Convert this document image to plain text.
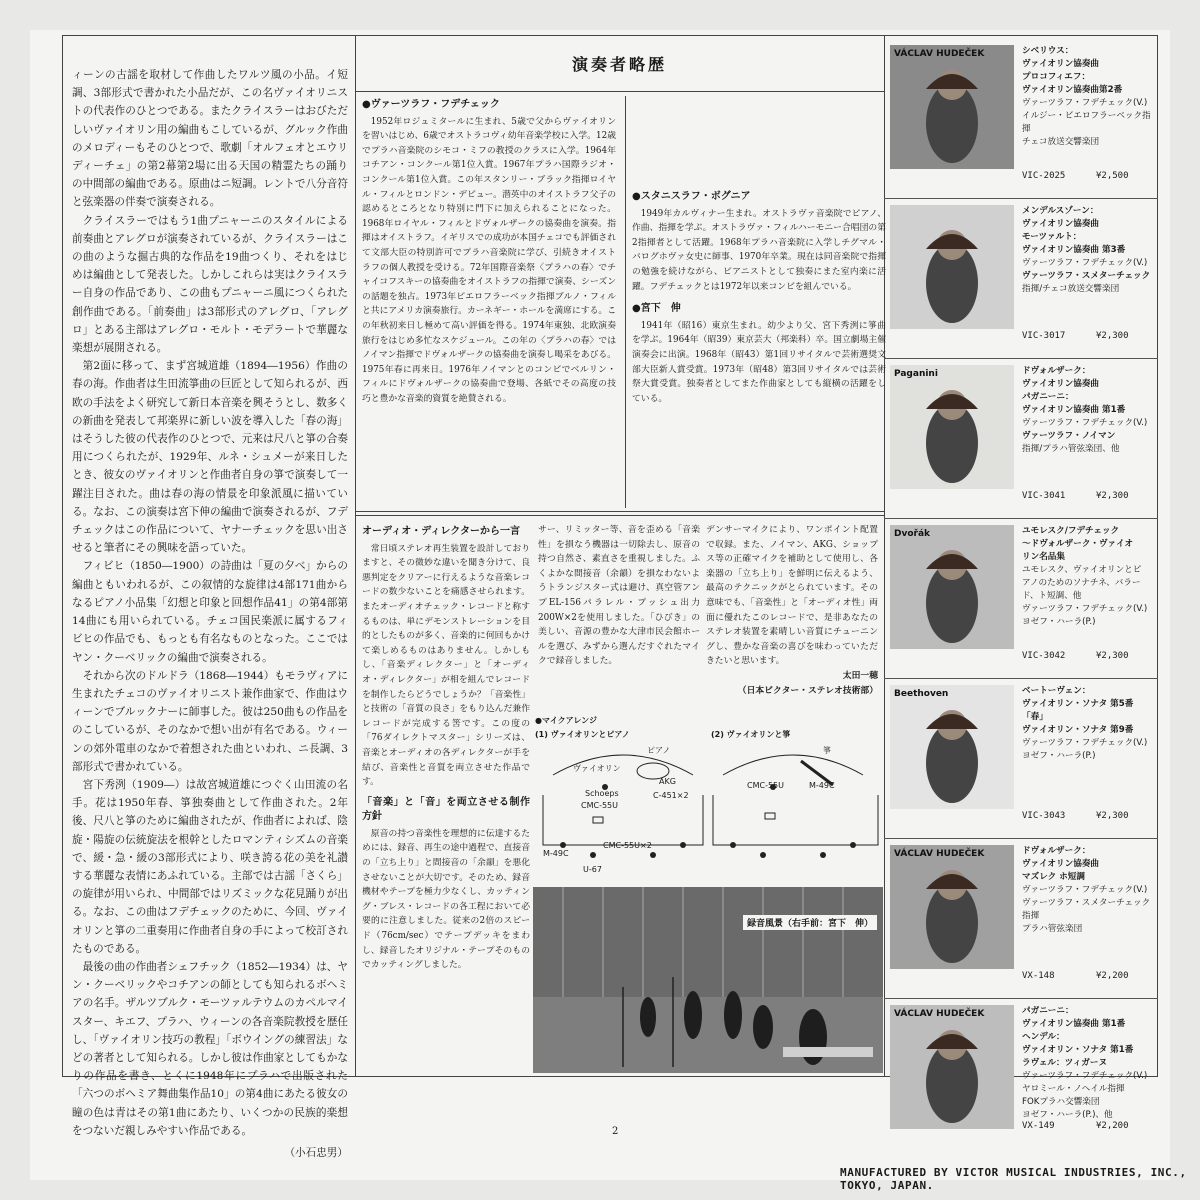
ィーンの古謡を取材して作曲したワルツ風の小品。イ短調、3部形式で書かれた小品だが、この名ヴァイオリニストの代表作のひとつである。またクライスラーはおびただしいヴァイオリン用の編曲もこしているが、グルック作曲のメロディーもそのひとつで、歌劇「オルフェオとエウリディーチェ」の第2幕第2場に出る天国の精霊たちの踊りの中間部の編曲である。原曲はニ短調。レントで八分音符と弦楽器の伴奏で演奏される。

クライスラーではもう1曲プニャーニのスタイルによる前奏曲とアレグロが演奏されているが、クライスラーはこの曲のような掘古典的な作品を19曲つくり、それをはじめは編曲として発表した。しかしこれらは実はクライスラー自身の作品であり、この曲もプニャーニ風につくられた創作曲である。「前奏曲」は3部形式のアレグロ、「アレグロ」とある主部はアレグロ・モルト・モデラートで華麗な楽想が展開される。

第2面に移って、まず宮城道雄（1894―1956）作曲の春の海。作曲者は生田流箏曲の巨匠として知られるが、西欧の手法をよく研究して新日本音楽を興そうとし、数多くの新曲を発表して邦楽界に新しい波を導入した「春の海」はそうした彼の代表作のひとつで、元来は尺八と箏の合奏用につくられたが、1929年、ルネ・シュメーが来日したとき、彼女のヴァイオリンと作曲者自身の箏で演奏して一躍注目された。曲は春の海の情景を印象派風に描いている。なお、この演奏は宮下伸の編曲で演奏されるが、フデチェックはこの作品について、ヤナーチェックを思い出させると筆者にその興味を語っていた。

フィビヒ（1850―1900）の詩曲は「夏の夕べ」からの編曲ともいわれるが、この叙情的な旋律は4部171曲からなるピアノ小品集「幻想と印象と回想作品41」の第4部第14曲にも用いられている。チェコ国民楽派に属するフィビヒの作品でも、もっとも有名なものとなった。ここではヤン・クーベリックの編曲で演奏される。

それから次のドルドラ（1868―1944）もモラヴィアに生まれたチェコのヴァイオリニスト兼作曲家で、作曲はウィーンでブルックナーに師事した。彼は250曲もの作品をのこしているが、そのなかで想い出が有名である。ウィーンの郊外電車のなかで着想された曲といわれ、ニ長調、3部形式で書かれている。

宮下秀洌（1909―）は故宮城道雄につぐく山田流の名手。花は1950年春、箏独奏曲として作曲された。2年後、尺八と箏のために編曲されたが、作曲者によれば、陰旋・陽旋の伝統旋法を根幹としたロマンティシズムの音楽で、緩・急・緩の3部形式により、咲き誇る花の美を礼讃する華麗な表情にあふれている。主部では古謡「さくら」の旋律が用いられ、中間部ではリズミックな花見踊りが出る。なお、この曲はフデチェックのために、今回、ヴァイオリンと箏の二重奏用に作曲者自身の手によって校訂されたものである。

最後の曲の作曲者シェフチック（1852―1934）は、ヤン・クーベリックやコチアンの師としても知られるボヘミアの名手。ザルツブルク・モーツァルテウムのカペルマイスター、キエフ、プラハ、ウィーンの各音楽院教授を歴任し、「ヴァイオリン技巧の教程」「ボウイングの練習法」などの著者として知られる。しかし彼は作曲家としてもかなりの作品を書き、とくに1948年にプラハで出版された「六つのボヘミア舞曲集作品10」の第4曲にあたる彼女の瞳の色は青はその第1曲にあたり、いくつかの民族的楽想をつないだ親しみやすい作品である。

（小石忠男）
演奏者略歴
●ヴァーツラフ・フデチェック

1952年ロジュミタールに生まれ、5歳で父からヴァイオリンを習いはじめ、6歳でオストラコヴィ幼年音楽学校に入学。12歳でプラハ音楽院のシモコ・ミフの教授のクラスに入学。1964年コチアン・コンクール第1位入賞。1967年プラハ国際ラジオ・コンクール第1位入賞。この年スタンリー・ブラック指揮ロイヤル・フィルとロンドン・デビュー。潜英中のオイストラフ父子の認めるところとなり特別に門下に加えられることになった。1968年ロイヤル・フィルとドヴォルザークの協奏曲を演奏。指揮はオイストラフ。イギリスでの成功が本国チェコでも評価されて文部大臣の特別許可でプラハ音楽院に学び、引続きオイストラフの個人教授を受ける。72年国際音楽祭〈プラハの春〉でチャイコフスキーの協奏曲をオイストラフの指揮で演奏、シーズンの話題を独占。1973年ピエロフラーベック指揮ブルノ・フィルと共にアメリカ演奏旅行。カーネギー・ホールを満席にする。この年秋初来日し極めて高い評価を得る。1974年東独、北欧演奏旅行をはじめ多忙なスケジュール。この年の〈プラハの春〉ではノイマン指揮でドヴォルザークの協奏曲を演奏し喝采をあびる。1975年春に再来日。1976年ノイマンとのコンビでベルリン・フィルにドヴォルザークの協奏曲で登場、各紙でその高度の技巧と豊かな音楽的資質を絶賛される。

●スタニスラフ・ボグニア

1949年カルヴィナー生まれ。オストラヴァ音楽院でピアノ、作曲、指揮を学ぶ。オストラヴァ・フィルハーモニー合唱団の第2指揮者として活躍。1968年プラハ音楽院に入学しチグマル・バログホヴァ女史に師事、1970年卒業。現在は同音楽院で指揮の勉強を続けながら、ピアニストとして独奏にまた室内楽に活躍。フデチェックとは1972年以来コンビを組んでいる。

●宮下　伸

1941年（昭16）東京生まれ。幼少より父、宮下秀洌に箏曲を学ぶ。1964年（昭39）東京芸大（邦楽科）卒。国立劇場主催演奏会に出演。1968年（昭43）第1回リサイタルで芸術選奨文部大臣新人賞受賞。1973年（昭48）第3回リサイタルでは芸術祭大賞受賞。独奏者としてまた作曲家としても縦横の活躍をしている。

オーディオ・ディレクターから一言

常日頃ステレオ再生装置を設計しておりますと、その微妙な違いを聞き分けて、良悪判定をクリアーに行えるような音楽レコードの数少ないことを痛感させられます。またオーディオチェック・レコードと称するものは、単にデモンストレーションを目的としたものが多く、音楽的に何回もかけて楽しめるものはありません。しかしもし、「音楽ディレクター」と「オーディオ・ディレクター」が相を組んでレコードを制作したらどうでしょうか？「音楽性」と技術の「音質の良さ」をもり込んだ兼作レコードが完成する筈です。この度の「76ダイレクトマスター」シリーズは、音楽とオーディオの各ディレクターが手を結び、音楽性と音質を両立させた作品です。

「音楽」と「音」を両立させる制作方針

原音の持つ音楽性を理想的に伝達するためには、録音、再生の途中過程で、直接音の「立ち上り」と間接音の「余韻」を悪化させないことが大切です。そのため、録音機材やテープを極力少なくし、カッティング・ブレス・レコードの各工程において必要的に注意しました。従来の2倍のスピード（76cm/sec）でテープデッキをまわし、録音したオリジナル・テープそのものでカッティングしました。

サー、リミッター等、音を歪める「音楽性」を損なう機器は一切除去し、原音の持つ自然さ、素直さを重視しました。ふくよかな間接音（余韻）を損なわないようトランジスター式は避け、真空管アンプEL-156パラレル・プッシュ出力200W×2を使用しました。「ひびき」の美しい、音源の豊かな大津市民会館ホールを選び、みずから選んだすぐれたマイクで録音しました。

デンサーマイクにより、ワンポイント配置で収録。また、ノイマン、AKG、ショップス等の正確マイクを補助として使用し、各楽器の「立ち上り」を鮮明に伝えるよう、最高のテクニックがとられています。その意味でも、「音楽性」と「オーディオ性」両面に優れたこのレコードで、是非あなたのステレオ装置を素晴しい音質にチューニングし、豊かな音楽の喜びを味わっていただきたいと思います。

太田一穂
（日本ビクター・ステレオ技術部）
●マイクアレンジ
(1) ヴァイオリンとピアノ	(2) ヴァイオリンと箏
ヴァイオリン
ピアノ
AKG
C-451×2
Schoeps
CMC-55U
M-49C
U-67
CMC-55U×2
箏
CMC-55U	M-49C
録音風景（右手前：宮下　伸）
VÁCLAV HUDEČEK	シベリウス：
ヴァイオリン協奏曲
プロコフィエフ：
ヴァイオリン協奏曲第2番
ヴァーツラフ・フデチェック(V.)
イルジー・ビエロフラーベック指揮
チェコ放送交響楽団
VIC-2025	¥2,500
メンデルスゾーン：
ヴァイオリン協奏曲
モーツァルト：
ヴァイオリン協奏曲 第3番
ヴァーツラフ・フデチェック(V.)
ヴァーツラフ・スメターチェック
指揮/チェコ放送交響楽団
VIC-3017	¥2,300
Paganini	ドヴォルザーク：
ヴァイオリン協奏曲
パガニーニ：
ヴァイオリン協奏曲 第1番
ヴァーツラフ・フデチェック(V.)
ヴァーツラフ・ノイマン
指揮/プラハ管弦楽団、他
VIC-3041	¥2,300
Dvořák	ユモレスク/フデチェック
～ドヴォルザーク・ヴァイオ
リン名品集
ユモレスク、ヴァイオリンとピ
アノのためのソナチネ、バラー
ド、ト短調、他
ヴァーツラフ・フデチェック(V.)
ヨゼフ・ハーラ(P.)
VIC-3042	¥2,300
Beethoven	ベートーヴェン：
ヴァイオリン・ソナタ 第5番「春」
ヴァイオリン・ソナタ 第9番
ヴァーツラフ・フデチェック(V.)
ヨゼフ・ハーラ(P.)
VIC-3043	¥2,300
VÁCLAV HUDEČEK	ドヴォルザーク：
ヴァイオリン協奏曲
マズレク ホ短調
ヴァーツラフ・フデチェック(V.)
ヴァーツラフ・スメターチェック指揮
プラハ管弦楽団
VX-148	¥2,200
VÁCLAV HUDEČEK	パガニーニ：
ヴァイオリン協奏曲 第1番
ヘンデル：
ヴァイオリン・ソナタ 第1番
ラヴェル：ツィガーヌ
ヴァーツラフ・フデチェック(V.)
ヤロミール・ノヘイル指揮
FOKプラハ交響楽団
ヨゼフ・ハーラ(P.)、他
VX-149	¥2,200
2
MANUFACTURED BY VICTOR MUSICAL INDUSTRIES, INC., TOKYO, JAPAN.
